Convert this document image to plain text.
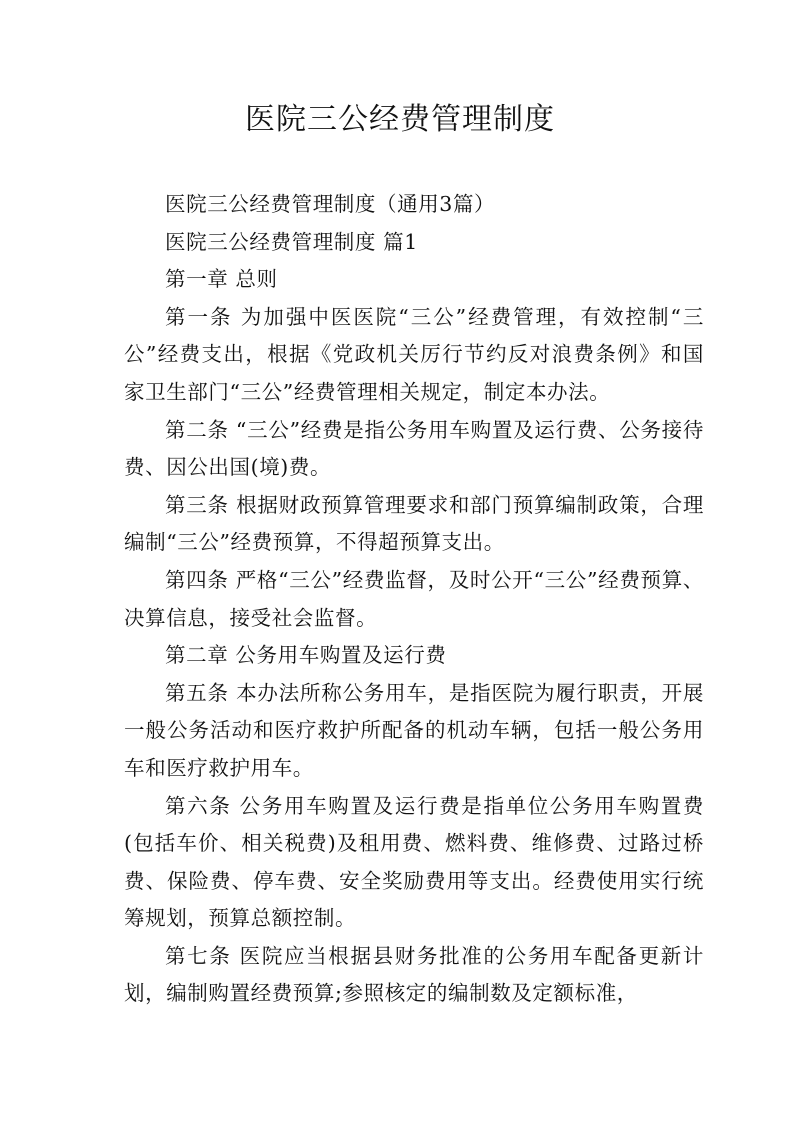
医院三公经费管理制度

医院三公经费管理制度（通用3篇）

医院三公经费管理制度 篇1

第一章 总则

第一条 为加强中医医院“三公”经费管理，有效控制“三公”经费支出，根据《党政机关厉行节约反对浪费条例》和国家卫生部门“三公”经费管理相关规定，制定本办法。

第二条 “三公”经费是指公务用车购置及运行费、公务接待费、因公出国(境)费。

第三条 根据财政预算管理要求和部门预算编制政策，合理编制“三公”经费预算，不得超预算支出。

第四条 严格“三公”经费监督，及时公开“三公”经费预算、决算信息，接受社会监督。

第二章 公务用车购置及运行费

第五条 本办法所称公务用车，是指医院为履行职责，开展一般公务活动和医疗救护所配备的机动车辆，包括一般公务用车和医疗救护用车。

第六条 公务用车购置及运行费是指单位公务用车购置费(包括车价、相关税费)及租用费、燃料费、维修费、过路过桥费、保险费、停车费、安全奖励费用等支出。经费使用实行统筹规划，预算总额控制。

第七条 医院应当根据县财务批准的公务用车配备更新计划，编制购置经费预算;参照核定的编制数及定额标准，
